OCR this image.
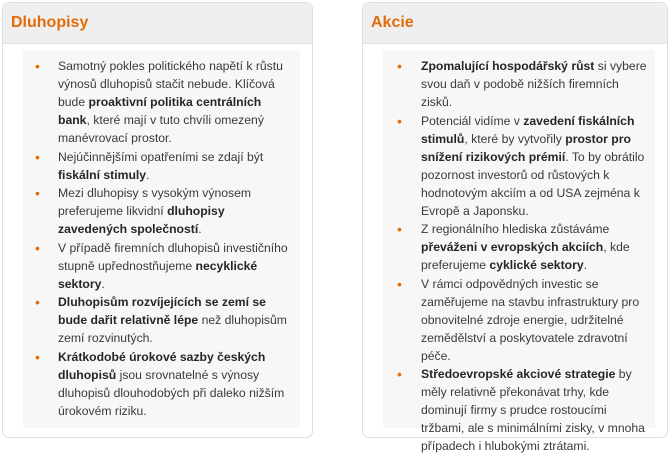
Dluhopisy
• Samotný pokles politického napětí k růstu výnosů dluhopisů stačit nebude. Klíčová bude proaktivní politika centrálních bank, které mají v tuto chvíli omezený manévrovací prostor.
• Nejúčinnějšími opatřeními se zdají být fiskální stimuly.
• Mezi dluhopisy s vysokým výnosem preferujeme likvidní dluhopisy zavedených společností.
• V případě firemních dluhopisů investičního stupně upřednostňujeme necyklické sektory.
• Dluhopisům rozvíjejících se zemí se bude dařit relativně lépe než dluhopisům zemí rozvinutých.
• Krátkodobé úrokové sazby českých dluhopisů jsou srovnatelné s výnosy dluhopisů dlouhodobých při daleko nižším úrokovém riziku.
Akcie
• Zpomalující hospodářský růst si vybere svou daň v podobě nižších firemních zisků.
• Potenciál vidíme v zavedení fiskálních stimulů, které by vytvořily prostor pro snížení rizikových prémií. To by obrátilo pozornost investorů od růstových k hodnotovým akciím a od USA zejména k Evropě a Japonsku.
• Z regionálního hlediska zůstáváme převáženi v evropských akciích, kde preferujeme cyklické sektory.
• V rámci odpovědných investic se zaměřujeme na stavbu infrastruktury pro obnovitelné zdroje energie, udržitelné zemědělství a poskytovatele zdravotní péče.
• Středoevropské akciové strategie by měly relativně překonávat trhy, kde dominují firmy s prudce rostoucími tržbami, ale s minimálními zisky, v mnoha případech i hlubokými ztrátami.
